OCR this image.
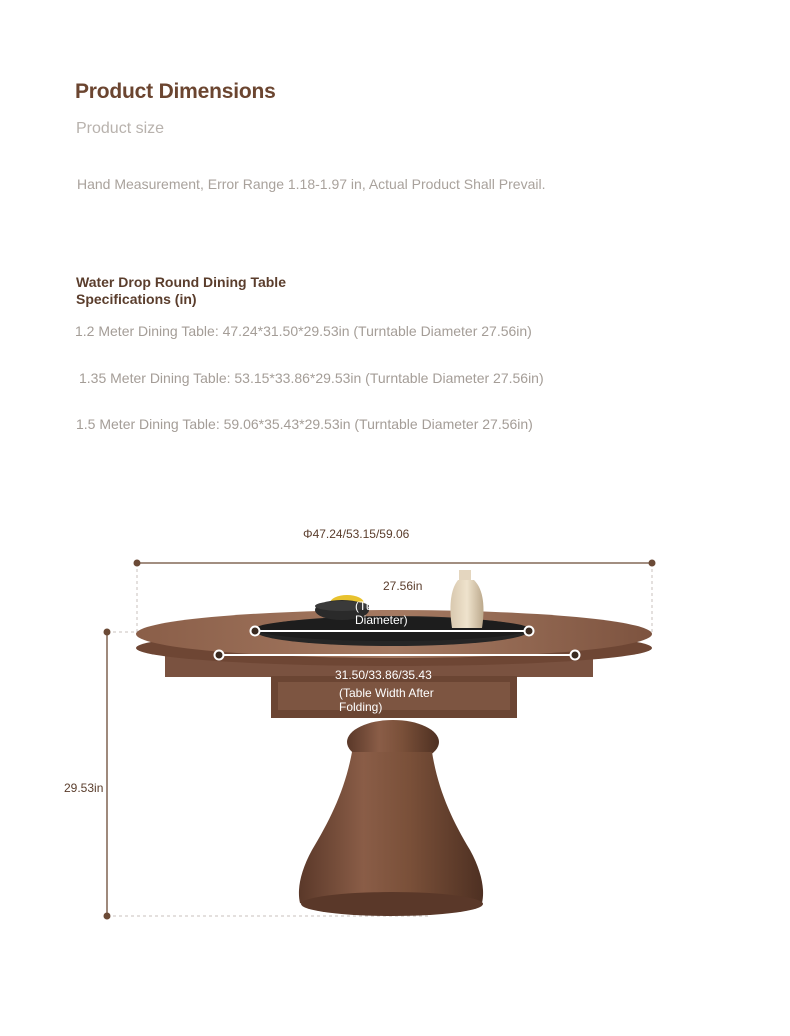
Product Dimensions
Product size
Hand Measurement, Error Range 1.18-1.97 in, Actual Product Shall Prevail.
Water Drop Round Dining Table Specifications (in)
1.2 Meter Dining Table: 47.24*31.50*29.53in (Turntable Diameter 27.56in)
1.35 Meter Dining Table: 53.15*33.86*29.53in (Turntable Diameter 27.56in)
1.5 Meter Dining Table: 59.06*35.43*29.53in (Turntable Diameter 27.56in)
Φ47.24/53.15/59.06
27.56in
(Turntable Diameter)
31.50/33.86/35.43
(Table Width After Folding)
29.53in
